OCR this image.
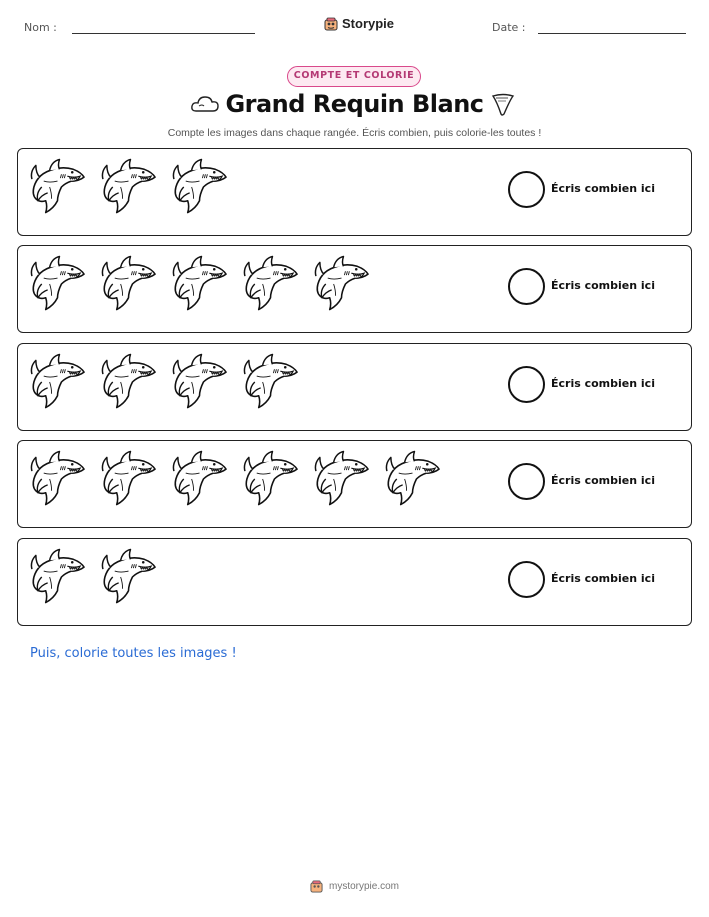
Nom :	Storypie	Date :
COMPTE ET COLORIE
Grand Requin Blanc
Compte les images dans chaque rangée. Écris combien, puis colorie-les toutes !
Écris combien ici
Écris combien ici
Écris combien ici
Écris combien ici
Écris combien ici
Puis, colorie toutes les images !
mystorypie.com
